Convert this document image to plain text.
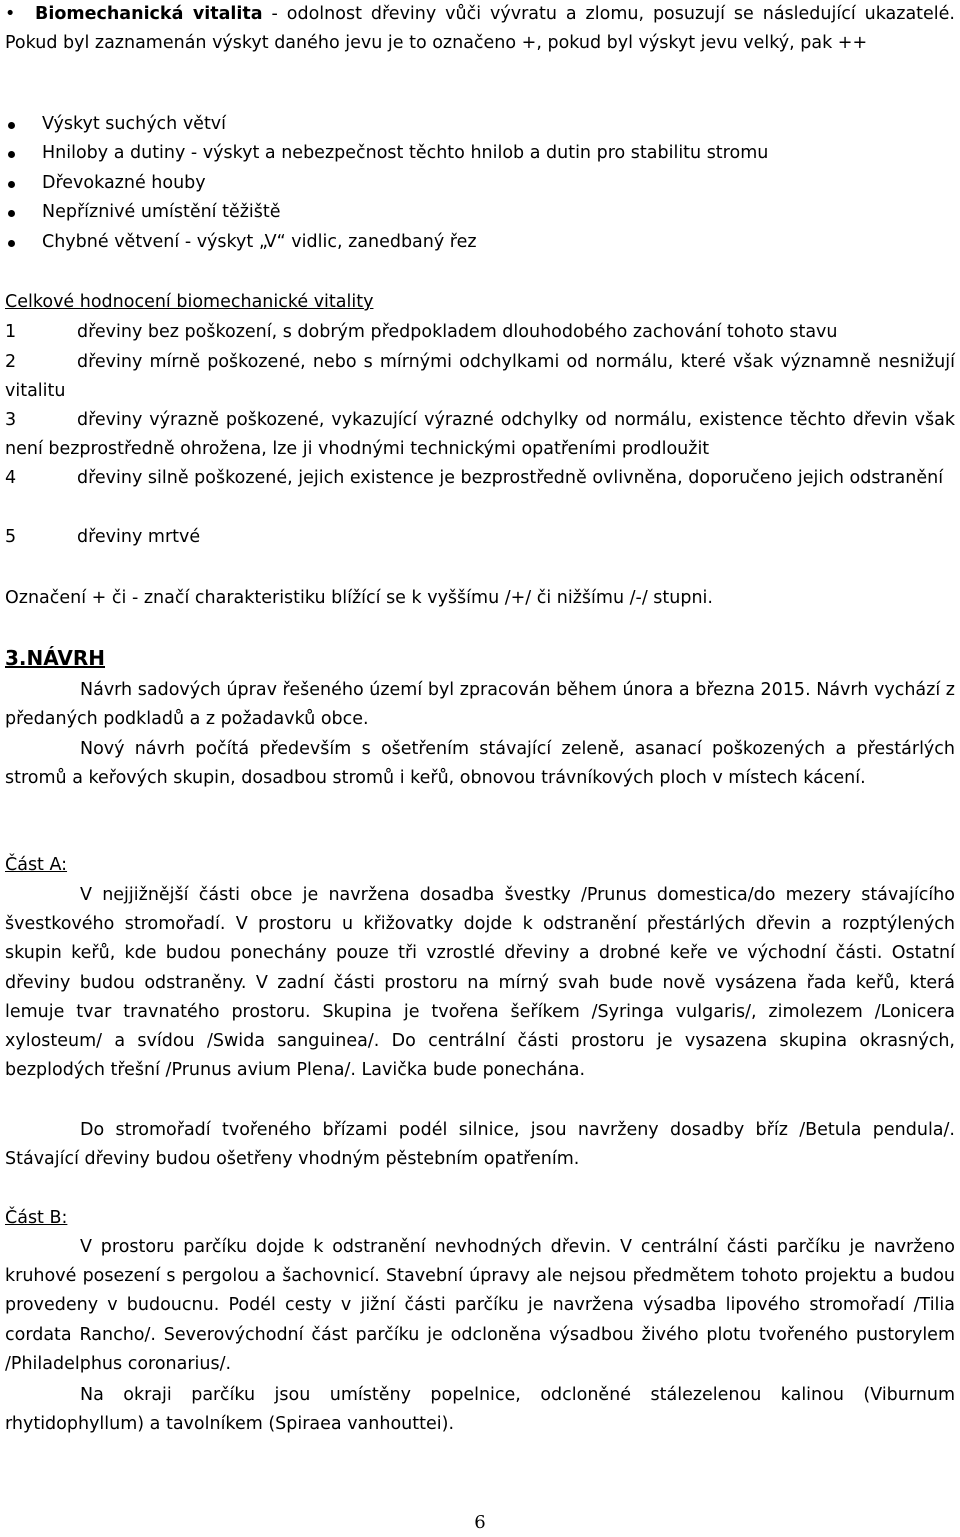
• Biomechanická vitalita - odolnost dřeviny vůči vývratu a zlomu, posuzují se následující ukazatelé. Pokud byl zaznamenán výskyt daného jevu je to označeno +, pokud byl výskyt jevu velký, pak ++
Výskyt suchých větví
Hniloby a dutiny - výskyt a nebezpečnost těchto hnilob a dutin pro stabilitu stromu
Dřevokazné houby
Nepříznivé umístění těžiště
Chybné větvení - výskyt „V“ vidlic, zanedbaný řez
Celkové hodnocení biomechanické vitality
1	dřeviny bez poškození, s dobrým předpokladem dlouhodobého zachování tohoto stavu
2	dřeviny mírně poškozené, nebo s mírnými odchylkami od normálu, které však významně nesnižují vitalitu
3	dřeviny výrazně poškozené, vykazující výrazné odchylky od normálu, existence těchto dřevin však není bezprostředně ohrožena, lze ji vhodnými technickými opatřeními prodloužit
4	dřeviny silně poškozené, jejich existence je bezprostředně ovlivněna, doporučeno jejich odstranění
5	dřeviny mrtvé
Označení + či - značí charakteristiku blížící se k vyššímu /+/ či nižšímu /-/ stupni.
3.NÁVRH

Návrh sadových úprav řešeného území byl zpracován během února a března 2015. Návrh vychází z předaných podkladů a z požadavků obce.

Nový návrh počítá především s ošetřením stávající zeleně, asanací poškozených a přestárlých stromů a keřových skupin, dosadbou stromů i keřů, obnovou trávníkových ploch v místech kácení.

Část A:

V nejjižnější části obce je navržena dosadba švestky /Prunus domestica/do mezery stávajícího švestkového stromořadí. V prostoru u křižovatky dojde k odstranění přestárlých dřevin a rozptýlených skupin keřů, kde budou ponechány pouze tři vzrostlé dřeviny a drobné keře ve východní části. Ostatní dřeviny budou odstraněny. V zadní části prostoru na mírný svah bude nově vysázena řada keřů, která lemuje tvar travnatého prostoru. Skupina je tvořena šeříkem /Syringa vulgaris/, zimolezem /Lonicera xylosteum/ a svídou /Swida sanguinea/. Do centrální části prostoru je vysazena skupina okrasných, bezplodých třešní /Prunus avium Plena/. Lavička bude ponechána.

Do stromořadí tvořeného břízami podél silnice, jsou navrženy dosadby bříz /Betula pendula/. Stávající dřeviny budou ošetřeny vhodným pěstebním opatřením.

Část B:

V prostoru parčíku dojde k odstranění nevhodných dřevin. V centrální části parčíku je navrženo kruhové posezení s pergolou a šachovnicí. Stavební úpravy ale nejsou předmětem tohoto projektu a budou provedeny v budoucnu. Podél cesty v jižní části parčíku je navržena výsadba lipového stromořadí /Tilia cordata Rancho/. Severovýchodní část parčíku je odcloněna výsadbou živého plotu tvořeného pustorylem /Philadelphus coronarius/.

Na okraji parčíku jsou umístěny popelnice, odcloněné stálezelenou kalinou (Viburnum rhytidophyllum) a tavolníkem (Spiraea vanhouttei).

6
